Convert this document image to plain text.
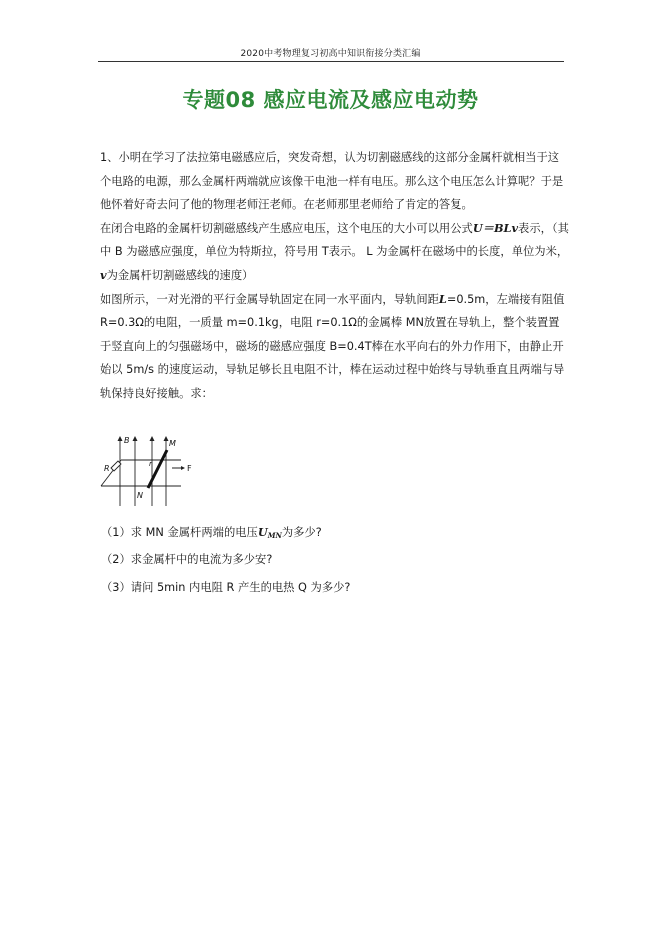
2020中考物理复习初高中知识衔接分类汇编
专题08 感应电流及感应电动势

1、小明在学习了法拉第电磁感应后，突发奇想，认为切割磁感线的这部分金属杆就相当于这个电路的电源，那么金属杆两端就应该像干电池一样有电压。那么这个电压怎么计算呢？于是他怀着好奇去问了他的物理老师汪老师。在老师那里老师给了肯定的答复。

在闭合电路的金属杆切割磁感线产生感应电压，这个电压的大小可以用公式U＝BLv表示，（其中 B 为磁感应强度，单位为特斯拉，符号用 T表示。 L 为金属杆在磁场中的长度，单位为米，v为金属杆切割磁感线的速度）

如图所示，一对光滑的平行金属导轨固定在同一水平面内，导轨间距L=0.5m，左端接有阻值 R=0.3Ω的电阻，一质量 m=0.1kg，电阻 r=0.1Ω的金属棒 MN放置在导轨上，整个装置置于竖直向上的匀强磁场中，磁场的磁感应强度 B=0.4T棒在水平向右的外力作用下，由静止开始以 5m/s 的速度运动，导轨足够长且电阻不计，棒在运动过程中始终与导轨垂直且两端与导轨保持良好接触。求：

B	M
R	r	F
N
（1）求 MN 金属杆两端的电压$U_{MN}$为多少?
（2）求金属杆中的电流为多少安?
（3）请问 5min 内电阻 R 产生的电热 Q 为多少?
